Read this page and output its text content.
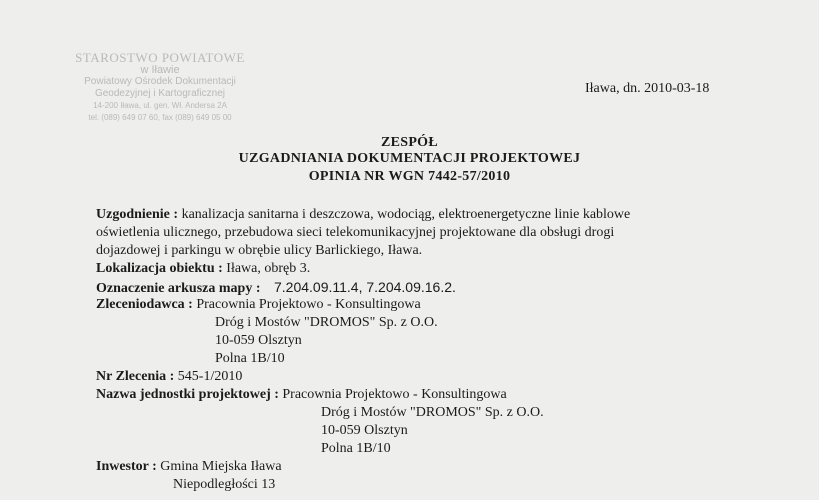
STAROSTWO POWIATOWE
w Iławie
Powiatowy Ośrodek Dokumentacji
Geodezyjnej i Kartograficznej
14-200 Iława, ul. gen. Wł. Andersa 2A
tel. (089) 649 07 60, fax (089) 649 05 00
Iławа, dn. 2010-03-18
ZESPÓŁ
UZGADNIANIA DOKUMENTACJI PROJEKTOWEJ
OPINIA NR WGN 7442-57/2010
Uzgodnienie : kanalizacja sanitarna i deszczowa, wodociąg, elektroenergetyczne linie kablowe
oświetlenia ulicznego, przebudowa sieci telekomunikacyjnej projektowane dla obsługi drogi
dojazdowej i parkingu w obrębie ulicy Barlickiego, Iława.
Lokalizacja obiektu : Iława, obręb 3.
Oznaczenie arkusza mapy : 7.204.09.11.4, 7.204.09.16.2.
Zleceniodawca : Pracownia Projektowo - Konsultingowa
Dróg i Mostów "DROMOS" Sp. z O.O.
10-059 Olsztyn
Polna 1B/10
Nr Zlecenia : 545-1/2010
Nazwa jednostki projektowej : Pracownia Projektowo - Konsultingowa
Dróg i Mostów "DROMOS" Sp. z O.O.
10-059 Olsztyn
Polna 1B/10
Inwestor : Gmina Miejska Iława
Niepodległości 13
